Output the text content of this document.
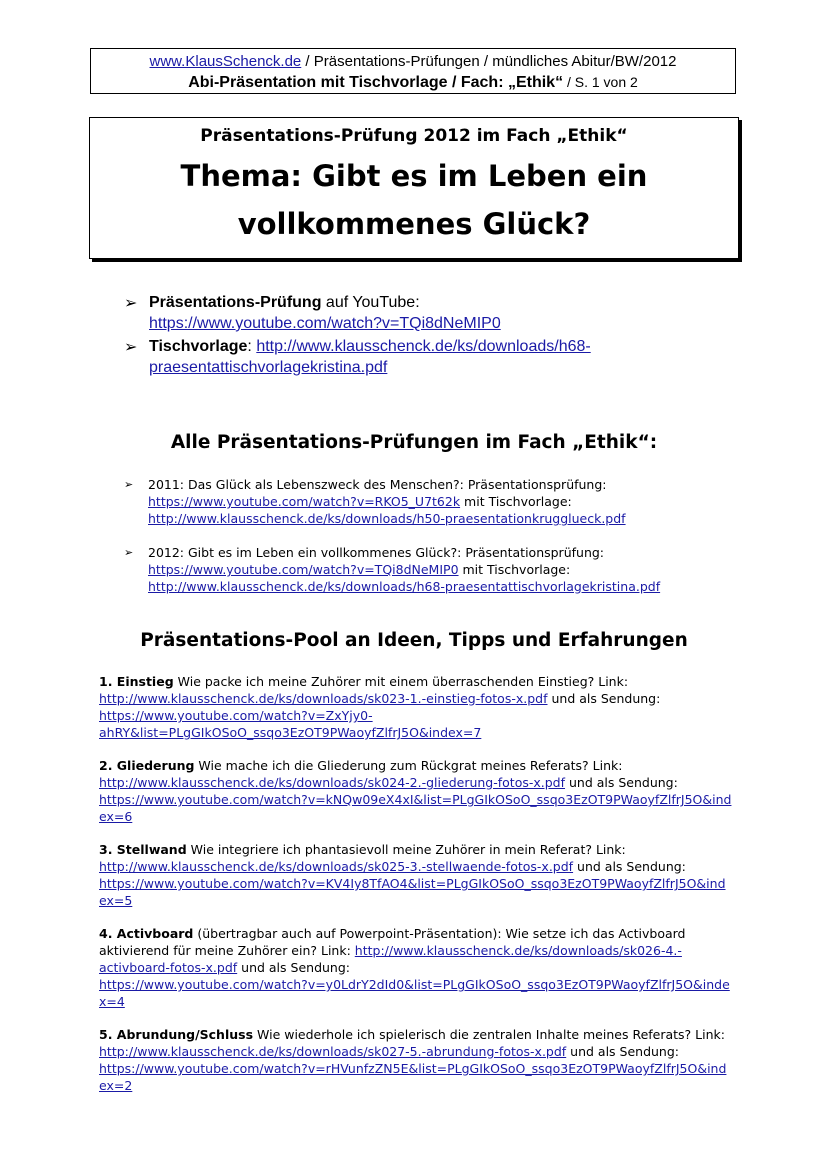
www.KlausSchenck.de / Präsentations-Prüfungen / mündliches Abitur/BW/2012
Abi-Präsentation mit Tischvorlage / Fach: „Ethik“ / S. 1 von 2
Präsentations-Prüfung 2012 im Fach „Ethik“
Thema: Gibt es im Leben ein
vollkommenes Glück?
➢ Präsentations-Prüfung auf YouTube:
https://www.youtube.com/watch?v=TQi8dNeMIP0
➢ Tischvorlage: http://www.klausschenck.de/ks/downloads/h68-
praesentattischvorlagekristina.pdf
Alle Präsentations-Prüfungen im Fach „Ethik“:
➢ 2011: Das Glück als Lebenszweck des Menschen?: Präsentationsprüfung:
https://www.youtube.com/watch?v=RKO5_U7t62k mit Tischvorlage:
http://www.klausschenck.de/ks/downloads/h50-praesentationkrugglueck.pdf
➢ 2012: Gibt es im Leben ein vollkommenes Glück?: Präsentationsprüfung:
https://www.youtube.com/watch?v=TQi8dNeMIP0 mit Tischvorlage:
http://www.klausschenck.de/ks/downloads/h68-praesentattischvorlagekristina.pdf
Präsentations-Pool an Ideen, Tipps und Erfahrungen

1. Einstieg Wie packe ich meine Zuhörer mit einem überraschenden Einstieg? Link:

http://www.klausschenck.de/ks/downloads/sk023-1.-einstieg-fotos-x.pdf und als Sendung:

https://www.youtube.com/watch?v=ZxYjy0-

ahRY&list=PLgGIkOSoO_ssqo3EzOT9PWaoyfZlfrJ5O&index=7

2. Gliederung Wie mache ich die Gliederung zum Rückgrat meines Referats? Link:

http://www.klausschenck.de/ks/downloads/sk024-2.-gliederung-fotos-x.pdf und als Sendung:

https://www.youtube.com/watch?v=kNQw09eX4xI&list=PLgGIkOSoO_ssqo3EzOT9PWaoyfZlfrJ5O&ind

ex=6

3. Stellwand Wie integriere ich phantasievoll meine Zuhörer in mein Referat? Link:

http://www.klausschenck.de/ks/downloads/sk025-3.-stellwaende-fotos-x.pdf und als Sendung:

https://www.youtube.com/watch?v=KV4Iy8TfAO4&list=PLgGIkOSoO_ssqo3EzOT9PWaoyfZlfrJ5O&ind

ex=5

4. Activboard (übertragbar auch auf Powerpoint-Präsentation): Wie setze ich das Activboard

aktivierend für meine Zuhörer ein? Link: http://www.klausschenck.de/ks/downloads/sk026-4.-

activboard-fotos-x.pdf und als Sendung:

https://www.youtube.com/watch?v=y0LdrY2dId0&list=PLgGIkOSoO_ssqo3EzOT9PWaoyfZlfrJ5O&inde

x=4

5. Abrundung/Schluss Wie wiederhole ich spielerisch die zentralen Inhalte meines Referats? Link:

http://www.klausschenck.de/ks/downloads/sk027-5.-abrundung-fotos-x.pdf und als Sendung:

https://www.youtube.com/watch?v=rHVunfzZN5E&list=PLgGIkOSoO_ssqo3EzOT9PWaoyfZlfrJ5O&ind

ex=2
